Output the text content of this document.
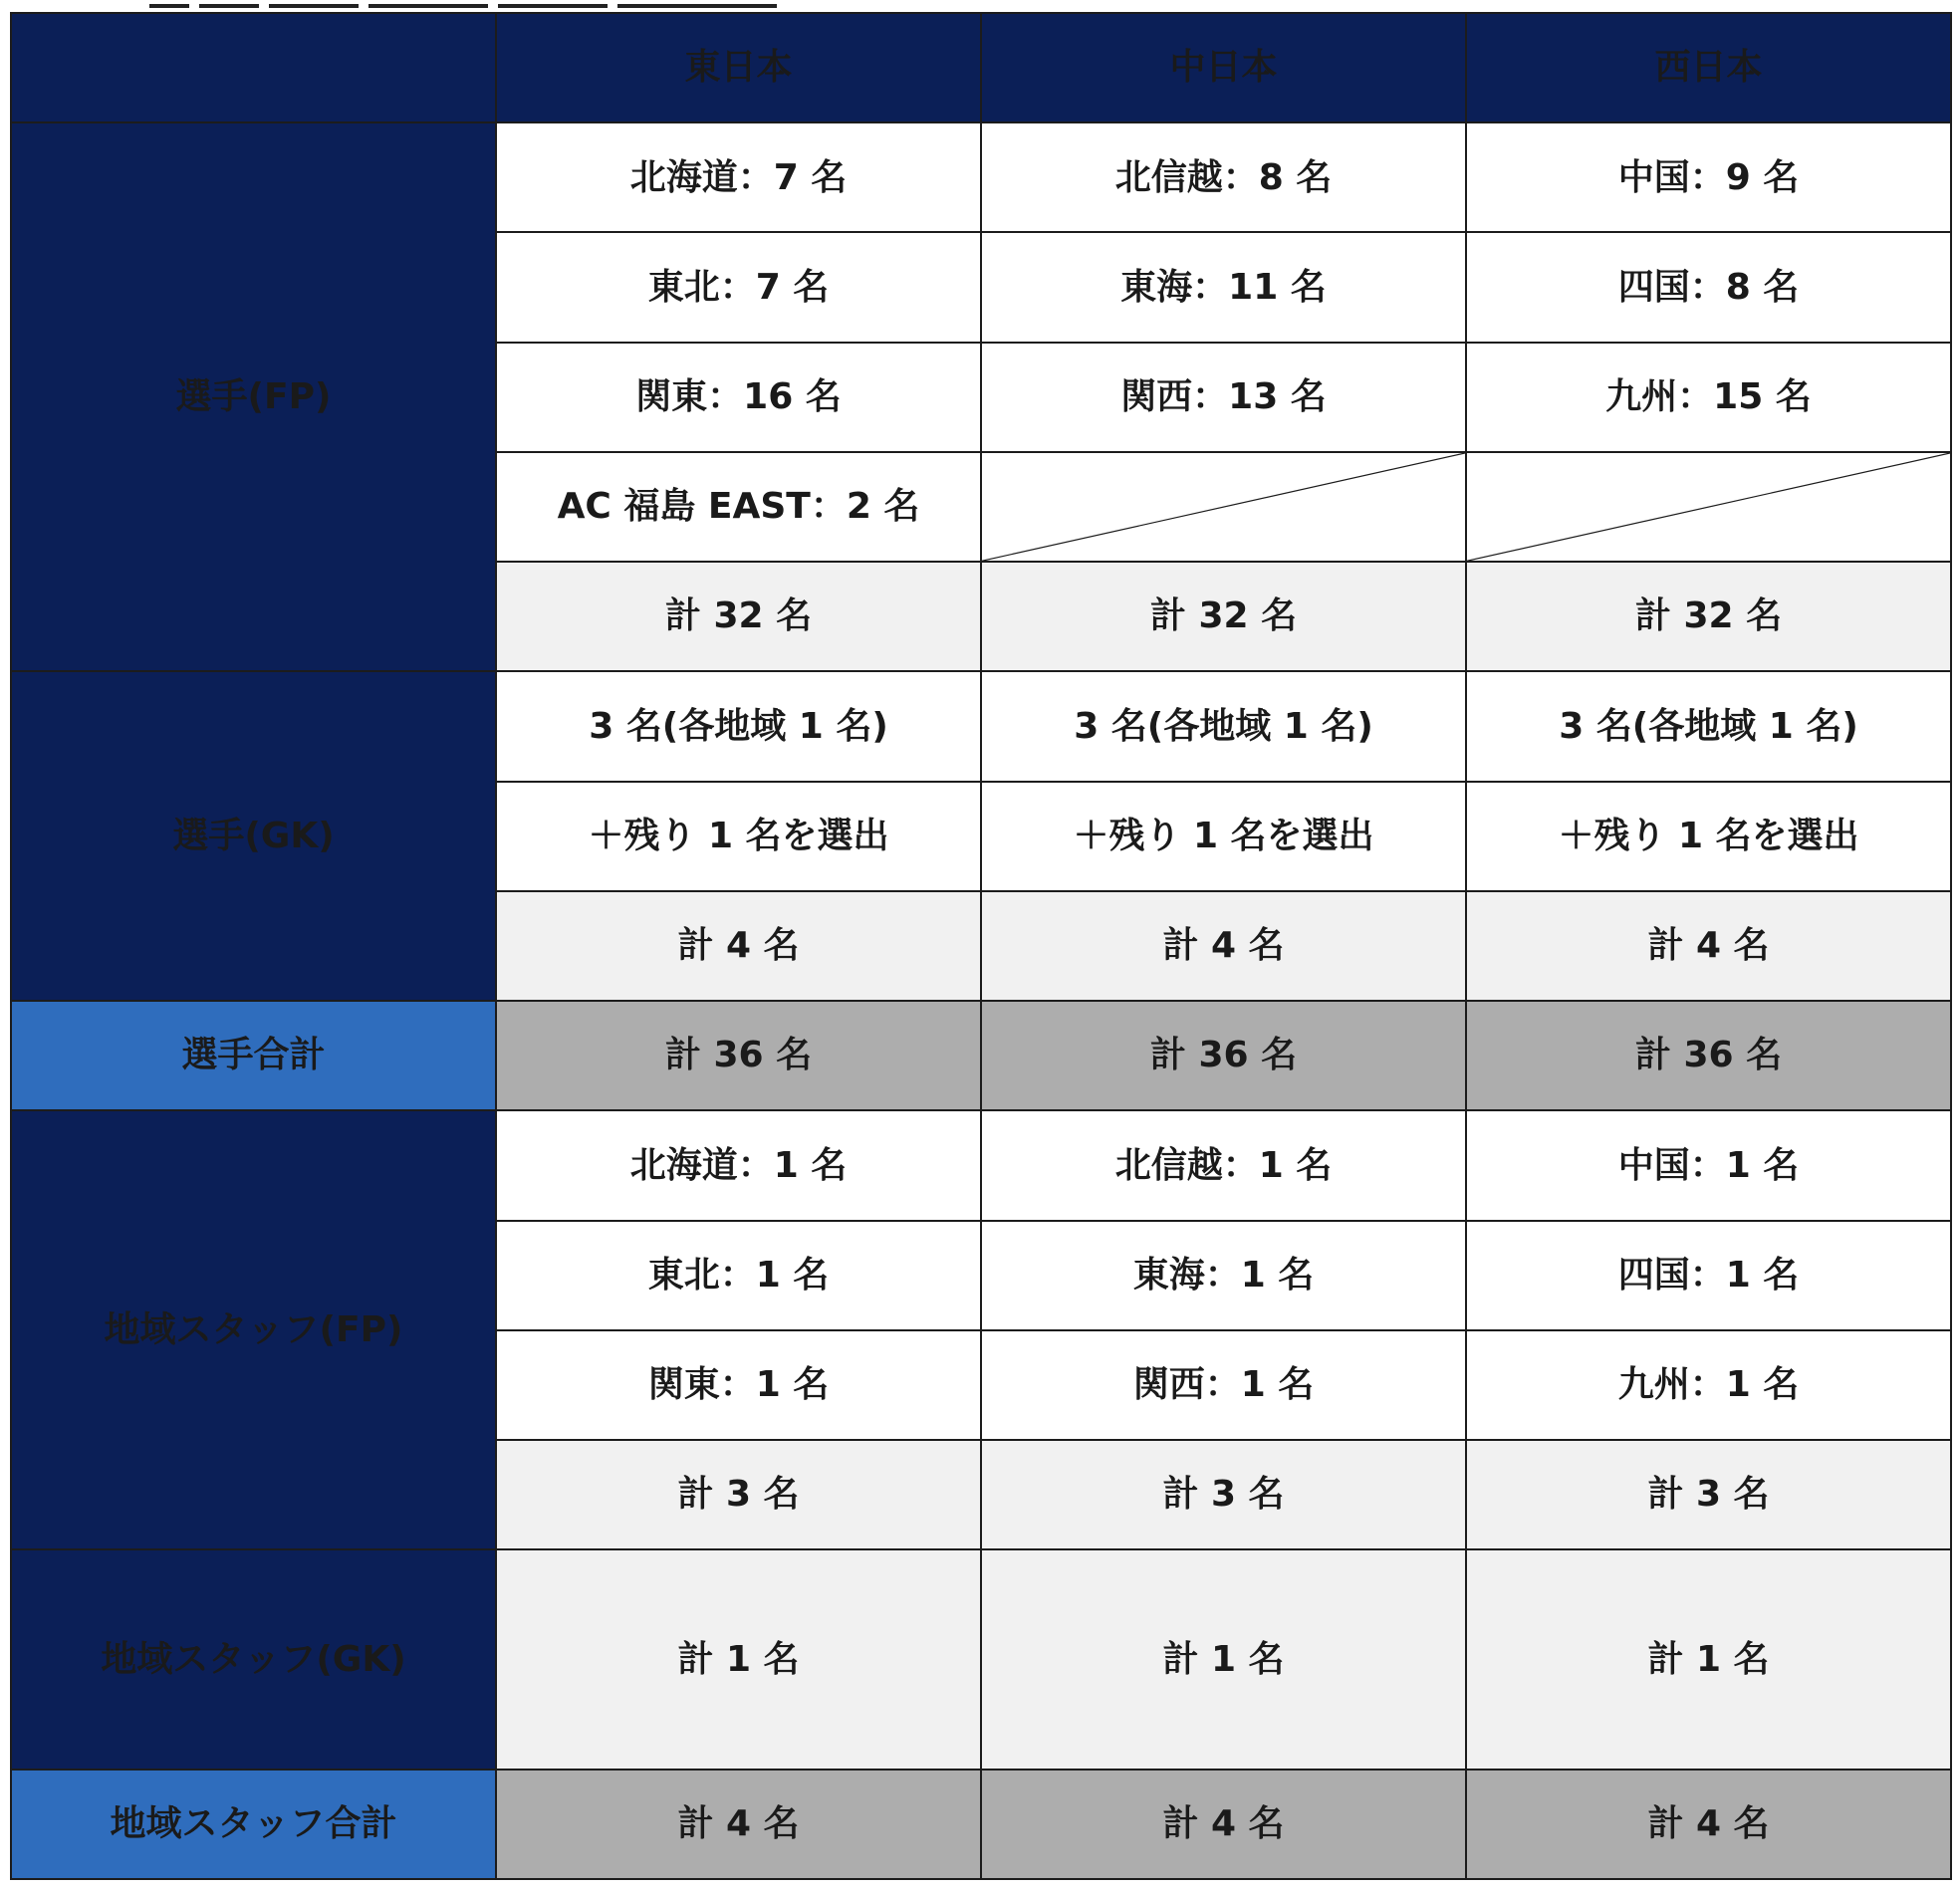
	東日本	中日本	西日本
選手(FP)	北海道：7 名	北信越：8 名	中国：9 名
	東北：7 名	東海：11 名	四国：8 名
	関東：16 名	関西：13 名	九州：15 名
	AC 福島 EAST：2 名	

	計 32 名	計 32 名	計 32 名
選手(GK)	3 名(各地域 1 名)	3 名(各地域 1 名)	3 名(各地域 1 名)
	＋残り 1 名を選出	＋残り 1 名を選出	＋残り 1 名を選出
	計 4 名	計 4 名	計 4 名
選手合計	計 36 名	計 36 名	計 36 名
地域スタッフ(FP)	北海道：1 名	北信越：1 名	中国：1 名
	東北：1 名	東海：1 名	四国：1 名
	関東：1 名	関西：1 名	九州：1 名
	計 3 名	計 3 名	計 3 名
地域スタッフ(GK)	計 1 名	計 1 名	計 1 名
地域スタッフ合計	計 4 名	計 4 名	計 4 名
